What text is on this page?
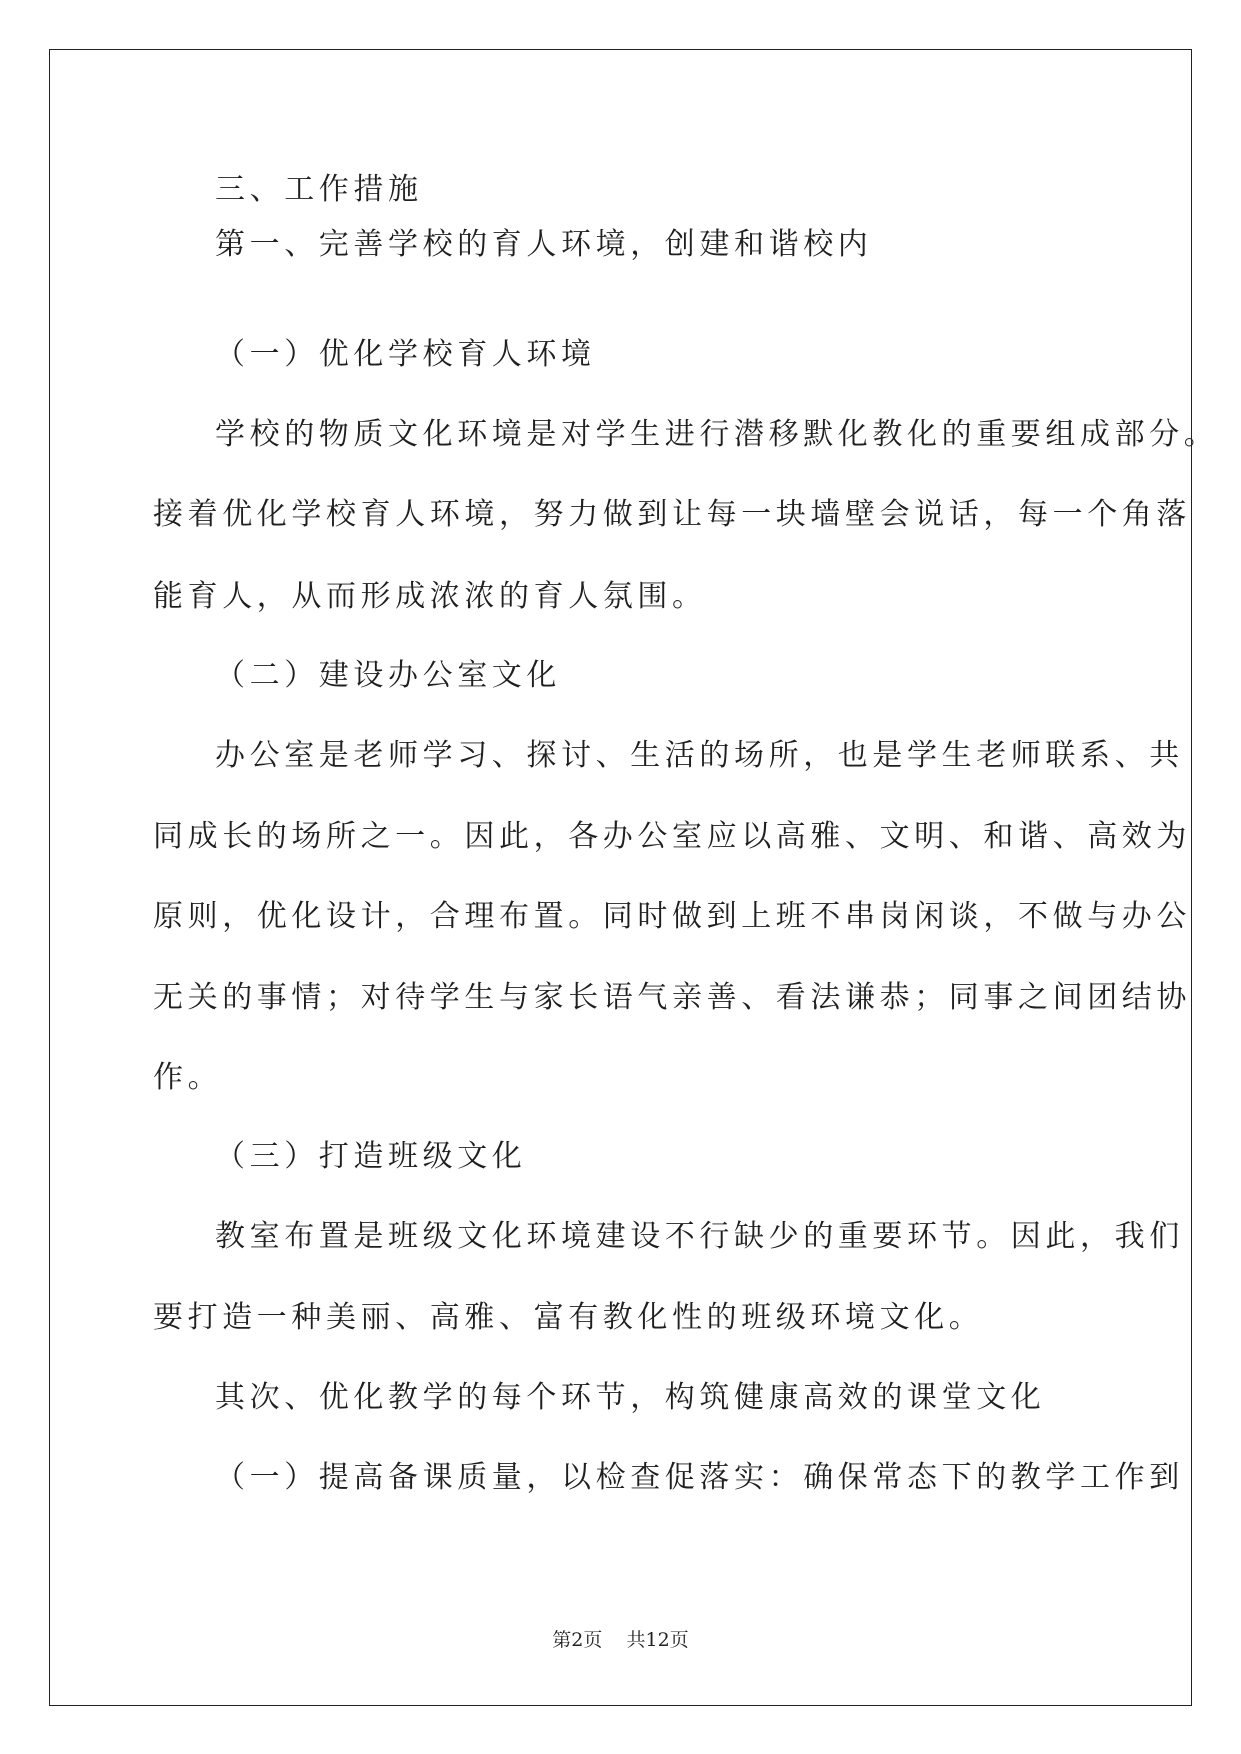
三、工作措施
第一、完善学校的育人环境，创建和谐校内
（一）优化学校育人环境
学校的物质文化环境是对学生进行潜移默化教化的重要组成部分。
接着优化学校育人环境，努力做到让每一块墙壁会说话，每一个角落
能育人，从而形成浓浓的育人氛围。
（二）建设办公室文化
办公室是老师学习、探讨、生活的场所，也是学生老师联系、共
同成长的场所之一。因此，各办公室应以高雅、文明、和谐、高效为
原则，优化设计，合理布置。同时做到上班不串岗闲谈，不做与办公
无关的事情；对待学生与家长语气亲善、看法谦恭；同事之间团结协
作。
（三）打造班级文化
教室布置是班级文化环境建设不行缺少的重要环节。因此，我们
要打造一种美丽、高雅、富有教化性的班级环境文化。
其次、优化教学的每个环节，构筑健康高效的课堂文化
（一）提高备课质量，以检查促落实：确保常态下的教学工作到
第2页 共12页
